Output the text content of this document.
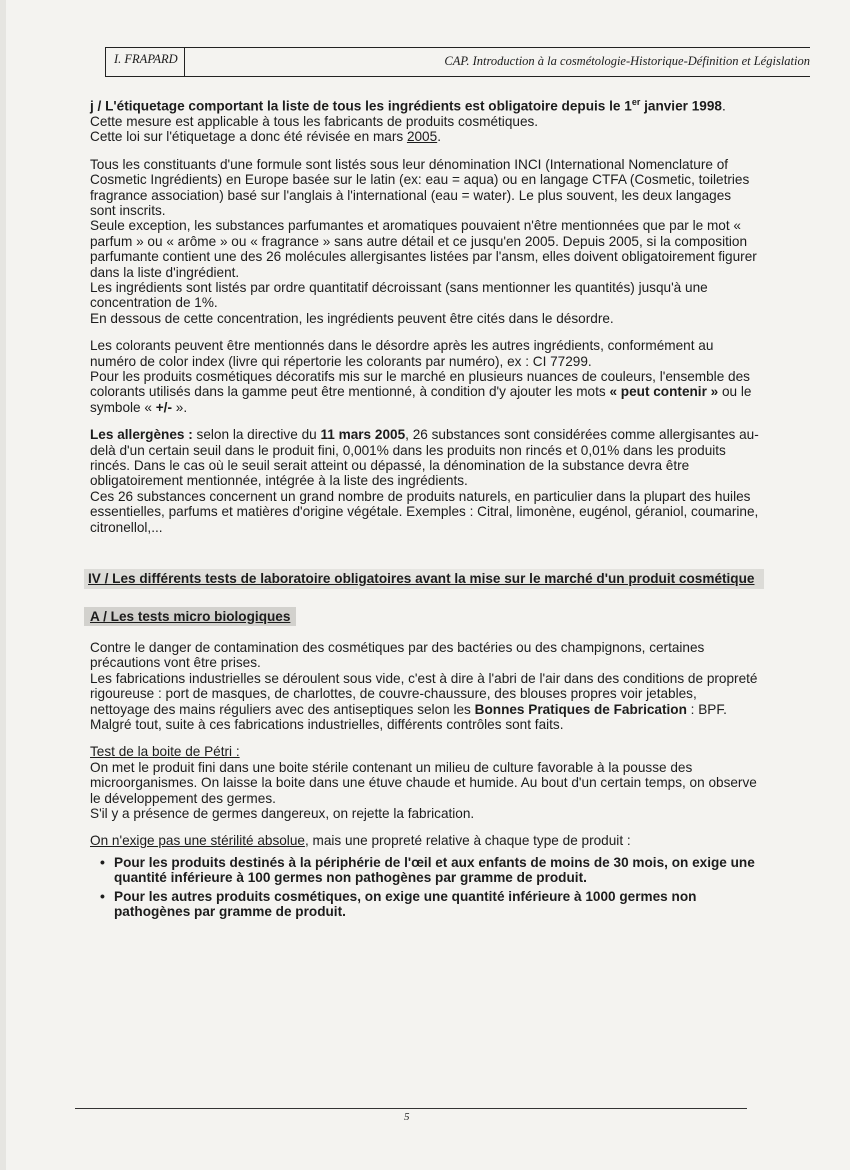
I. FRAPARD	CAP. Introduction à la cosmétologie-Historique-Définition et Législation

j / L'étiquetage comportant la liste de tous les ingrédients est obligatoire depuis le 1er janvier 1998. Cette mesure est applicable à tous les fabricants de produits cosmétiques.
Cette loi sur l'étiquetage a donc été révisée en mars 2005.

Tous les constituants d'une formule sont listés sous leur dénomination INCI (International Nomenclature of Cosmetic Ingrédients) en Europe basée sur le latin (ex: eau = aqua) ou en langage CTFA (Cosmetic, toiletries fragrance association) basé sur l'anglais à l'international (eau = water). Le plus souvent, les deux langages sont inscrits.

Seule exception, les substances parfumantes et aromatiques pouvaient n'être mentionnées que par le mot « parfum » ou « arôme » ou « fragrance » sans autre détail et ce jusqu'en 2005. Depuis 2005, si la composition parfumante contient une des 26 molécules allergisantes listées par l'ansm, elles doivent obligatoirement figurer dans la liste d'ingrédient.

Les ingrédients sont listés par ordre quantitatif décroissant (sans mentionner les quantités) jusqu'à une concentration de 1%.

En dessous de cette concentration, les ingrédients peuvent être cités dans le désordre.

Les colorants peuvent être mentionnés dans le désordre après les autres ingrédients, conformément au numéro de color index (livre qui répertorie les colorants par numéro), ex : CI 77299.

Pour les produits cosmétiques décoratifs mis sur le marché en plusieurs nuances de couleurs, l'ensemble des colorants utilisés dans la gamme peut être mentionné, à condition d'y ajouter les mots « peut contenir » ou le symbole « +/- ».

Les allergènes : selon la directive du 11 mars 2005, 26 substances sont considérées comme allergisantes au-delà d'un certain seuil dans le produit fini, 0,001% dans les produits non rincés et 0,01% dans les produits rincés. Dans le cas où le seuil serait atteint ou dépassé, la dénomination de la substance devra être obligatoirement mentionnée, intégrée à la liste des ingrédients.

Ces 26 substances concernent un grand nombre de produits naturels, en particulier dans la plupart des huiles essentielles, parfums et matières d'origine végétale. Exemples : Citral, limonène, eugénol, géraniol, coumarine, citronellol,...

IV / Les différents tests de laboratoire obligatoires avant la mise sur le marché d'un produit cosmétique
A / Les tests micro biologiques

Contre le danger de contamination des cosmétiques par des bactéries ou des champignons, certaines précautions vont être prises.

Les fabrications industrielles se déroulent sous vide, c'est à dire à l'abri de l'air dans des conditions de propreté rigoureuse : port de masques, de charlottes, de couvre-chaussure, des blouses propres voir jetables, nettoyage des mains réguliers avec des antiseptiques selon les Bonnes Pratiques de Fabrication : BPF.

Malgré tout, suite à ces fabrications industrielles, différents contrôles sont faits.

Test de la boite de Pétri :

On met le produit fini dans une boite stérile contenant un milieu de culture favorable à la pousse des microorganismes. On laisse la boite dans une étuve chaude et humide. Au bout d'un certain temps, on observe le développement des germes.

S'il y a présence de germes dangereux, on rejette la fabrication.

On n'exige pas une stérilité absolue, mais une propreté relative à chaque type de produit :

• Pour les produits destinés à la périphérie de l'œil et aux enfants de moins de 30 mois, on exige une quantité inférieure à 100 germes non pathogènes par gramme de produit.
• Pour les autres produits cosmétiques, on exige une quantité inférieure à 1000 germes non pathogènes par gramme de produit.
5
